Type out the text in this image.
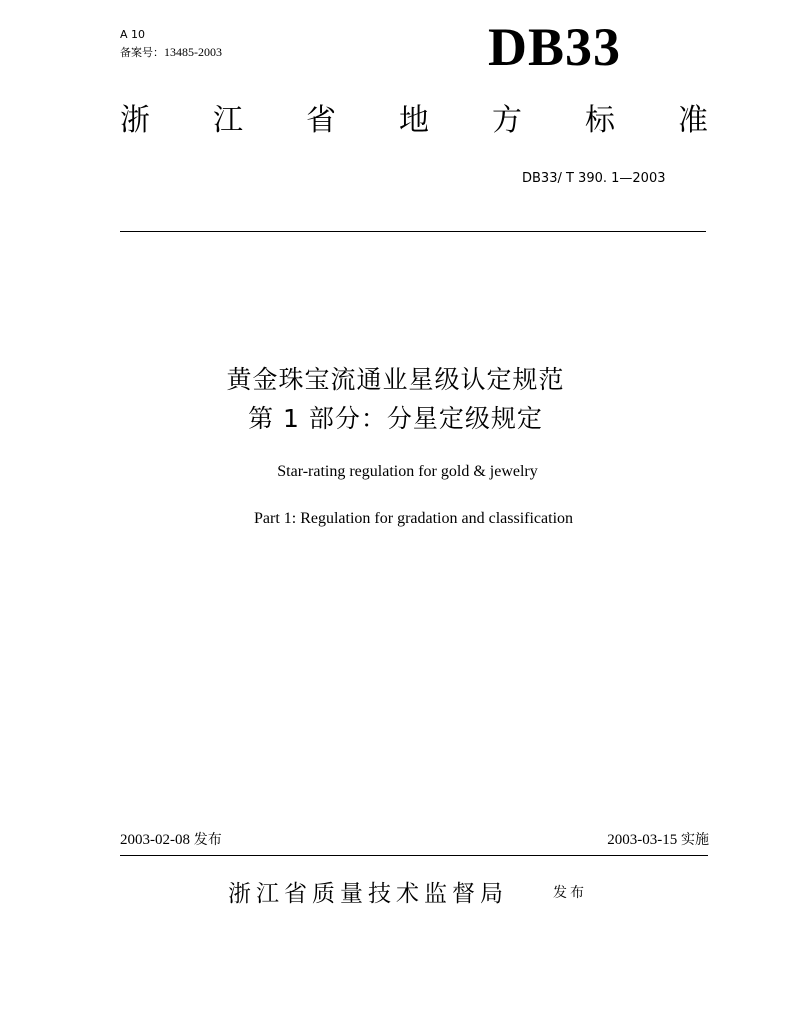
A 10
备案号：13485-2003	DB33
浙 江 省 地 方 标 准
DB33/ T 390. 1—2003
黄金珠宝流通业星级认定规范
第 1 部分：分星定级规定
Star-rating regulation for gold & jewelry
Part 1: Regulation for gradation and classification
2003-02-08 发布	2003-03-15 实施
浙江省质量技术监督局	发布
